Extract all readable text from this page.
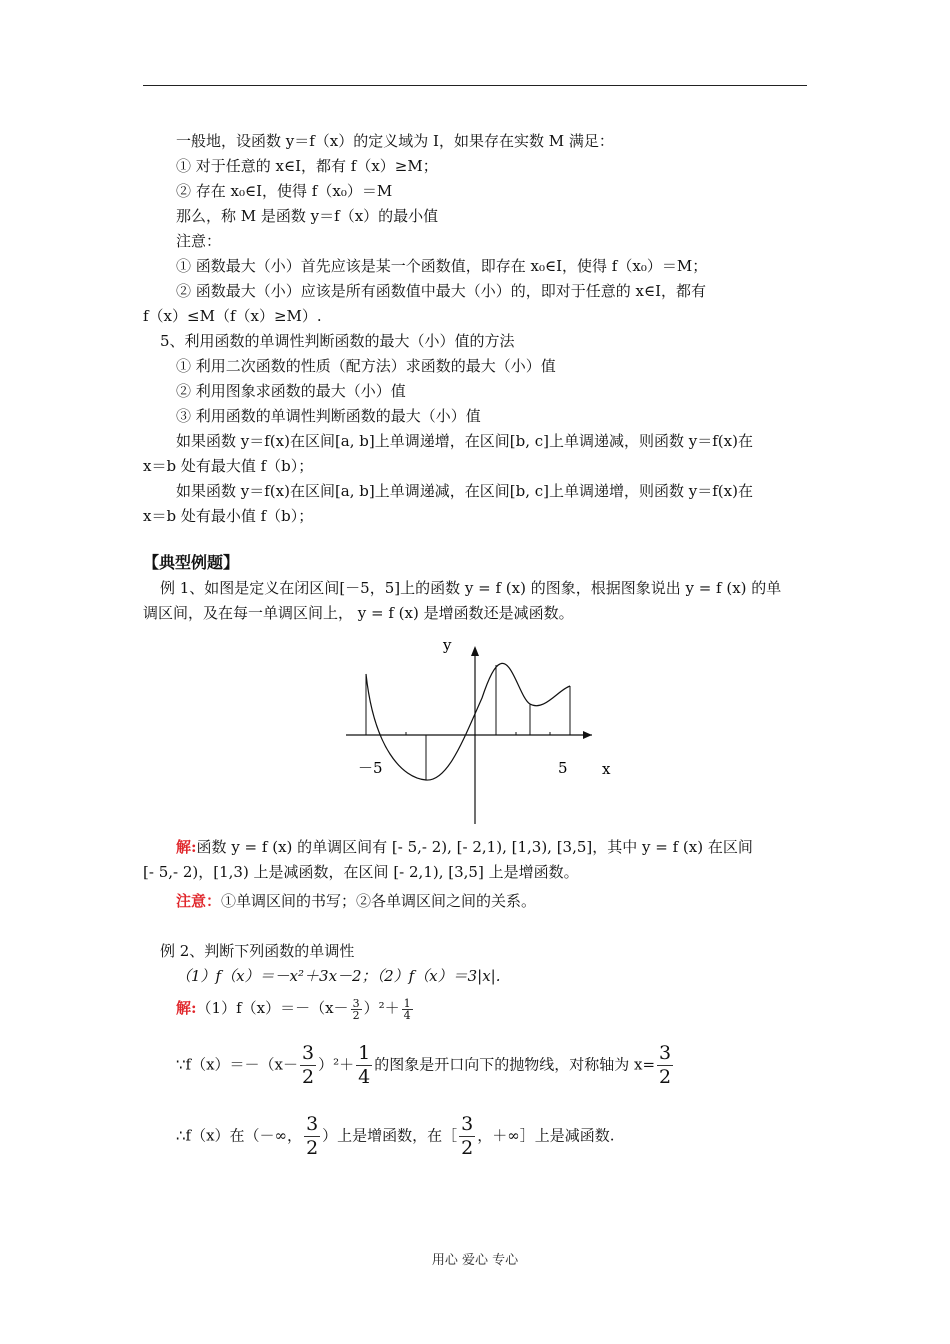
一般地，设函数 y＝f（x）的定义域为 I，如果存在实数 M 满足：
① 对于任意的 x∈I，都有 f（x）≥M；
② 存在 x₀∈I，使得 f（x₀）＝M
那么，称 M 是函数 y＝f（x）的最小值
注意：
① 函数最大（小）首先应该是某一个函数值，即存在 x₀∈I，使得 f（x₀）＝M；
② 函数最大（小）应该是所有函数值中最大（小）的，即对于任意的 x∈I，都有
f（x）≤M（f（x）≥M）.
5、利用函数的单调性判断函数的最大（小）值的方法
① 利用二次函数的性质（配方法）求函数的最大（小）值
② 利用图象求函数的最大（小）值
③ 利用函数的单调性判断函数的最大（小）值
如果函数 y＝f(x)在区间[a, b]上单调递增，在区间[b, c]上单调递减，则函数 y＝f(x)在
x＝b 处有最大值 f（b）；
如果函数 y＝f(x)在区间[a, b]上单调递减，在区间[b, c]上单调递增，则函数 y＝f(x)在
x＝b 处有最小值 f（b）；
【典型例题】
例 1、如图是定义在闭区间[－5，5]上的函数 y = f (x) 的图象，根据图象说出 y = f (x) 的单
调区间，及在每一单调区间上， y = f (x) 是增函数还是减函数。
y
x
－5	5
解:函数 y = f (x) 的单调区间有 [- 5,- 2), [- 2,1), [1,3), [3,5]，其中 y = f (x) 在区间
[- 5,- 2)，[1,3) 上是减函数，在区间 [- 2,1), [3,5] 上是增函数。
注意：①单调区间的书写；②各单调区间之间的关系。
例 2、判断下列函数的单调性
（1）f（x）＝－x²＋3x－2；（2）f（x）＝3|x|.
解:（1）f（x）＝－（x－ $\frac{3}{2} )^2+ \frac{1}{4}$
∵f（x）＝－（x－ $\frac{3}{2} )^2+ \frac{1}{4}$ 的图象是开口向下的抛物线，对称轴为 $x= \frac{3}{2}$
∴f（x）在（－∞， $\frac{3}{2}$ ）上是增函数，在［ $\frac{3}{2}$ ，＋∞］上是减函数.
用心 爱心 专心
